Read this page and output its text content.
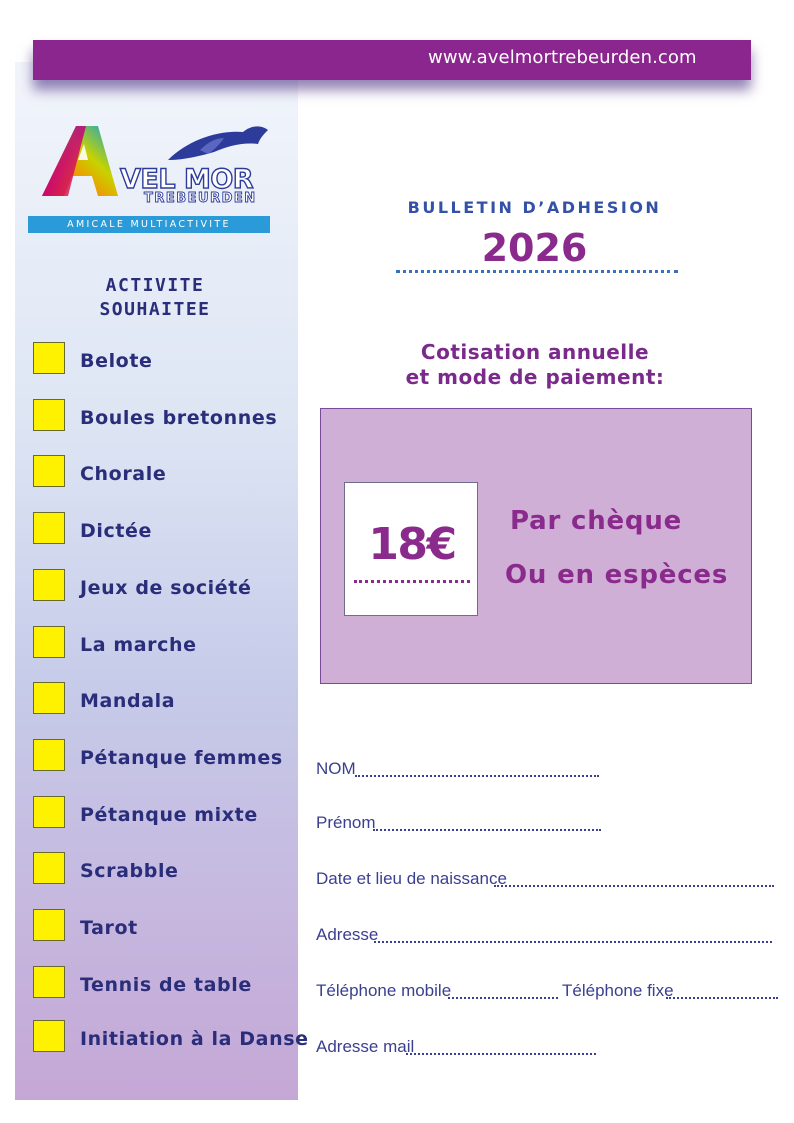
www.avelmortrebeurden.com
VEL MOR
TREBEURDEN
AMICALE MULTIACTIVITE
ACTIVITE
SOUHAITEE
Belote
Boules bretonnes
Chorale
Dictée
Jeux de société
La marche
Mandala
Pétanque femmes
Pétanque mixte
Scrabble
Tarot
Tennis de table
Initiation à la Danse
BULLETIN D’ADHESION
2026
Cotisation annuelle
et mode de paiement:
18€	Par chèque
Ou en espèces
NOM
Prénom
Date et lieu de naissance
Adresse
Téléphone mobile	Téléphone fixe
Adresse mail
